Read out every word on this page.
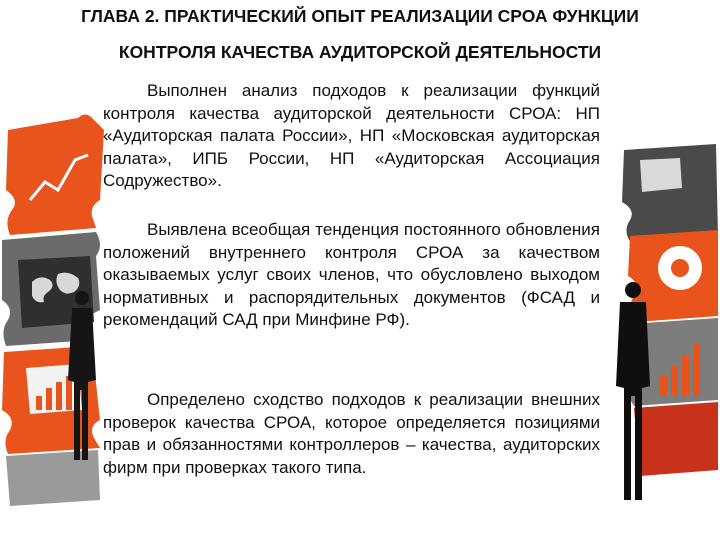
ГЛАВА 2. ПРАКТИЧЕСКИЙ ОПЫТ РЕАЛИЗАЦИИ СРОА ФУНКЦИИ
КОНТРОЛЯ КАЧЕСТВА АУДИТОРСКОЙ ДЕЯТЕЛЬНОСТИ

Выполнен анализ подходов к реализации функций контроля качества аудиторской деятельности СРОА: НП «Аудиторская палата России», НП «Московская аудиторская палата», ИПБ России, НП «Аудиторская Ассоциация Содружество».

Выявлена всеобщая тенденция постоянного обновления положений внутреннего контроля СРОА за качеством оказываемых услуг своих членов, что обусловлено выходом нормативных и распорядительных документов (ФСАД и рекомендаций САД при Минфине РФ).

Определено сходство подходов к реализации внешних проверок качества СРОА, которое определяется позициями прав и обязанностями контроллеров – качества, аудиторских фирм при проверках такого типа.
